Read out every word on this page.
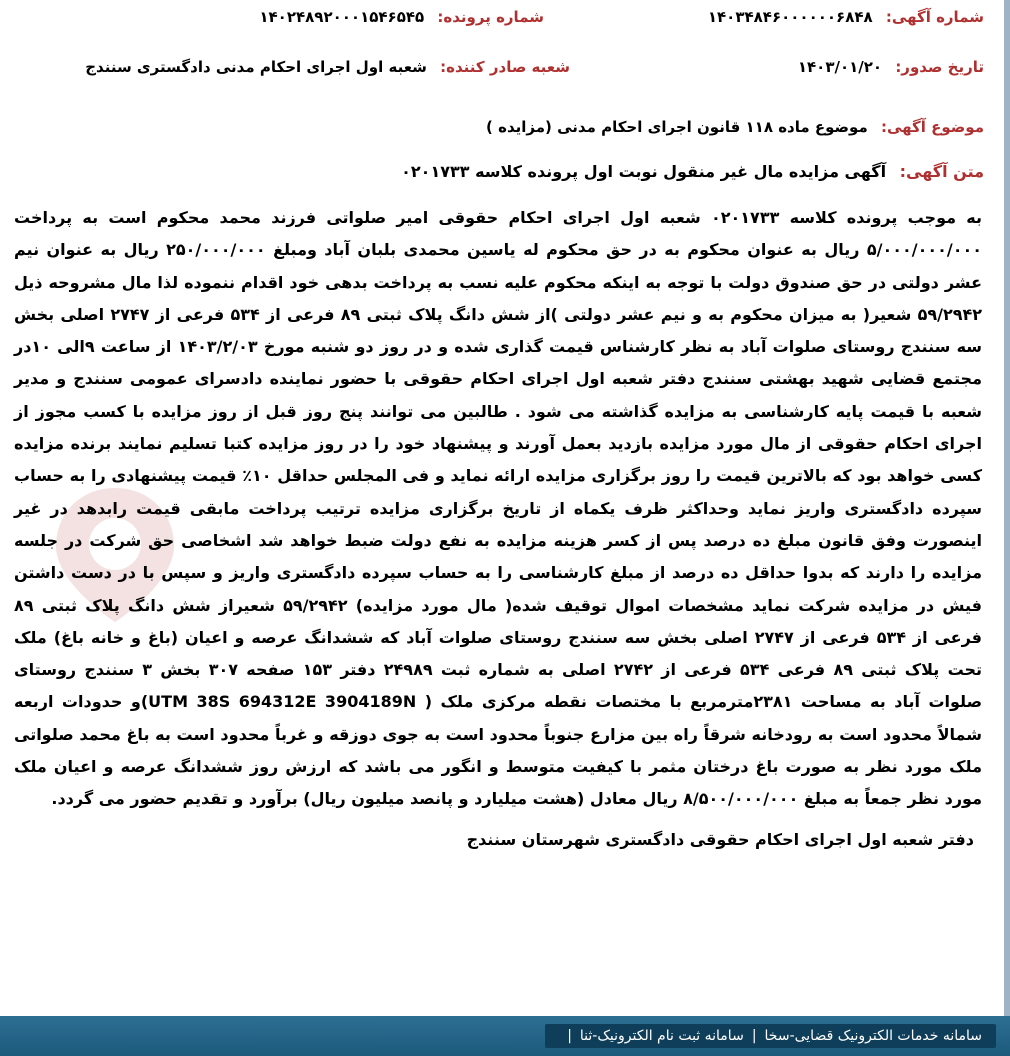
شماره آگهی: ۱۴۰۳۴۸۴۶۰۰۰۰۰۰۶۸۴۸
شماره پرونده: ۱۴۰۲۴۸۹۲۰۰۰۱۵۴۶۵۴۵
تاریخ صدور: ۱۴۰۳/۰۱/۲۰
شعبه صادر کننده: شعبه اول اجرای احکام مدنی دادگستری سنندج
موضوع آگهی: موضوع ماده ۱۱۸ قانون اجرای احکام مدنی (مزایده )
متن آگهی: آگهی مزایده مال غیر منقول نوبت اول پرونده کلاسه ۰۲۰۱۷۳۳
به موجب پرونده کلاسه ۰۲۰۱۷۳۳ شعبه اول اجرای احکام حقوقی امیر صلواتی فرزند محمد محکوم است به پرداخت ۵/۰۰۰/۰۰۰/۰۰۰ ریال به عنوان محکوم به در حق محکوم له یاسین محمدی بلبان آباد ومبلغ ۲۵۰/۰۰۰/۰۰۰ ریال به عنوان نیم عشر دولتی در حق صندوق دولت با توجه به اینکه محکوم علیه نسب به پرداخت بدهی خود اقدام ننموده لذا مال مشروحه ذیل ۵۹/۲۹۴۲ شعیر( به میزان محکوم به و نیم عشر دولتی )از شش دانگ پلاک ثبتی ۸۹ فرعی از ۵۳۴ فرعی از ۲۷۴۷ اصلی بخش سه سنندج روستای صلوات آباد به نظر کارشناس قیمت گذاری شده و در روز دو شنبه مورخ ۱۴۰۳/۲/۰۳ از ساعت ۹الی ۱۰در مجتمع قضایی شهید بهشتی سنندج دفتر شعبه اول اجرای احکام حقوقی با حضور نماینده دادسرای عمومی سنندج و مدیر شعبه با قیمت پایه کارشناسی به مزایده گذاشته می شود . طالبین می توانند پنج روز قبل از روز مزایده با کسب مجوز از اجرای احکام حقوقی از مال مورد مزایده بازدید بعمل آورند و پیشنهاد خود را در روز مزایده کتبا تسلیم نمایند برنده مزایده کسی خواهد بود که بالاترین قیمت را روز برگزاری مزایده ارائه نماید و فی المجلس حداقل ۱۰٪ قیمت پیشنهادی را به حساب سپرده دادگستری واریز نماید وحداکثر ظرف یکماه از تاریخ برگزاری مزایده ترتیب پرداخت مابقی قیمت رابدهد در غیر اینصورت وفق قانون مبلغ ده درصد پس از کسر هزینه مزایده به نفع دولت ضبط خواهد شد اشخاصی حق شرکت در جلسه مزایده را دارند که بدوا حداقل ده درصد از مبلغ کارشناسی را به حساب سپرده دادگستری واریز و سپس با در دست داشتن فیش در مزایده شرکت نماید مشخصات اموال توقیف شده( مال مورد مزایده) ۵۹/۲۹۴۲ شعیراز شش دانگ پلاک ثبتی ۸۹ فرعی از ۵۳۴ فرعی از ۲۷۴۷ اصلی بخش سه سنندج روستای صلوات آباد که ششدانگ عرصه و اعیان (باغ و خانه باغ) ملک تحت پلاک ثبتی ۸۹ فرعی ۵۳۴ فرعی از ۲۷۴۲ اصلی به شماره ثبت ۲۴۹۸۹ دفتر ۱۵۳ صفحه ۳۰۷ بخش ۳ سنندج روستای صلوات آباد به مساحت ۲۳۸۱مترمربع با مختصات نقطه مرکزی ملک ( UTM 38S 694312E 3904189N)و حدودات اربعه شمالاً محدود است به رودخانه شرقاً راه بین مزارع جنوباً محدود است به جوی دوزقه و غرباً محدود است به باغ محمد صلواتی ملک مورد نظر به صورت باغ درختان مثمر با کیفیت متوسط و انگور می باشد که ارزش روز ششدانگ عرصه و اعیان ملک مورد نظر جمعاً به مبلغ ۸/۵۰۰/۰۰۰/۰۰۰ ریال معادل (هشت میلیارد و پانصد میلیون ریال) برآورد و تقدیم حضور می گردد.
دفتر شعبه اول اجرای احکام حقوقی دادگستری شهرستان سنندج
سامانه خدمات الکترونیک قضایی-سخا
|
سامانه ثبت نام الکترونیک-ثنا
|
